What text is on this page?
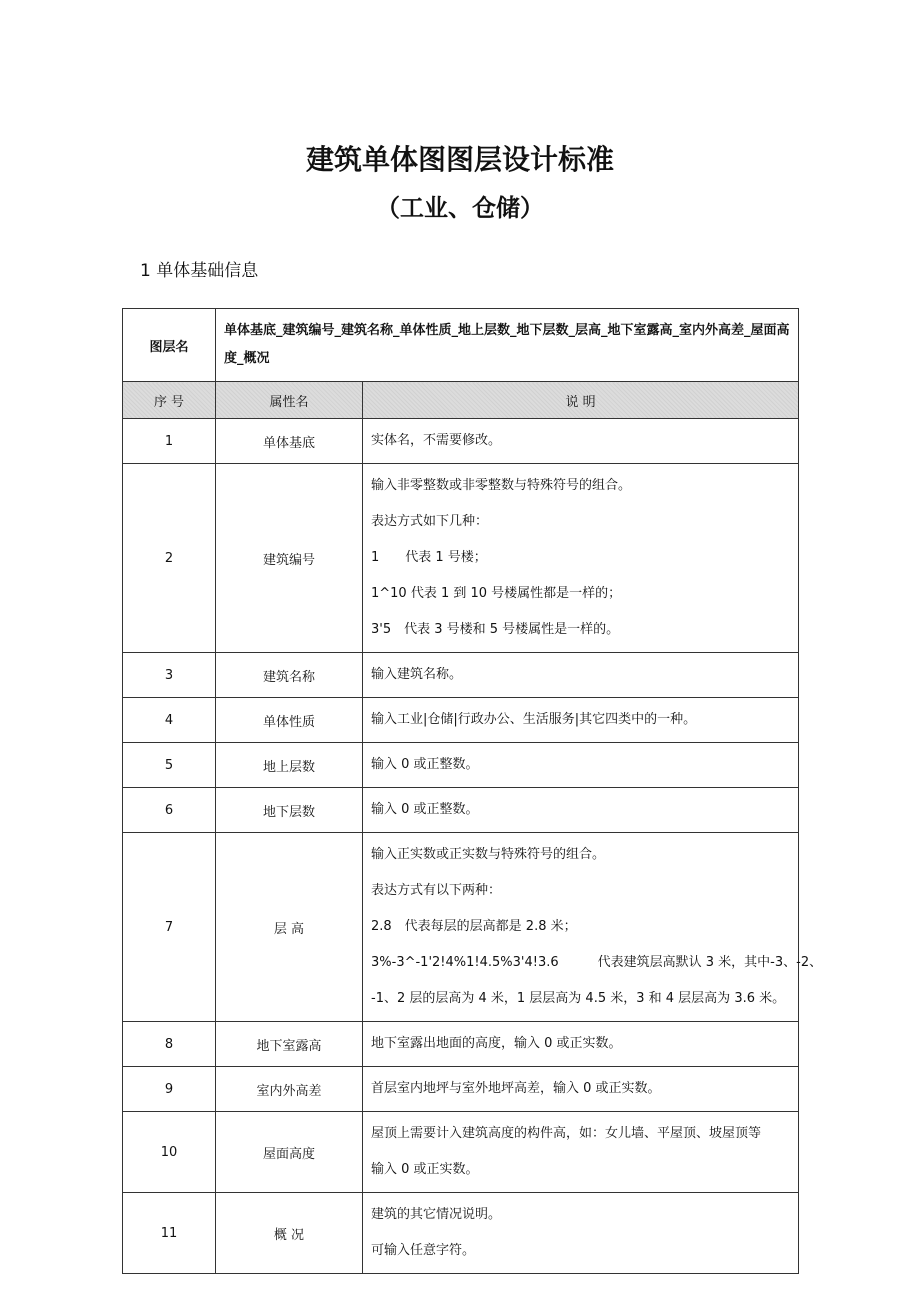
建筑单体图图层设计标准
（工业、仓储）

1 单体基础信息

图层名	单体基底_建筑编号_建筑名称_单体性质_地上层数_地下层数_层高_地下室露高_室内外高差_屋面高度_概况	
序 号	属性名	说 明
1	单体基底	实体名，不需要修改。

2	建筑编号	输入非零整数或非零整数与特殊符号的组合。
表达方式如下几种：
1　　代表 1 号楼；
1^10 代表 1 到 10 号楼属性都是一样的；
3'5　代表 3 号楼和 5 号楼属性是一样的。

3	建筑名称	输入建筑名称。

4	单体性质	输入工业|仓储|行政办公、生活服务|其它四类中的一种。

5	地上层数	输入 0 或正整数。

6	地下层数	输入 0 或正整数。

7	层 高	输入正实数或正实数与特殊符号的组合。
表达方式有以下两种：
2.8　代表每层的层高都是 2.8 米；
3%-3^-1'2!4%1!4.5%3'4!3.6　　　代表建筑层高默认 3 米，其中-3、-2、
-1、2 层的层高为 4 米，1 层层高为 4.5 米，3 和 4 层层高为 3.6 米。

8	地下室露高	地下室露出地面的高度，输入 0 或正实数。

9	室内外高差	首层室内地坪与室外地坪高差，输入 0 或正实数。

10	屋面高度	屋顶上需要计入建筑高度的构件高，如：女儿墙、平屋顶、坡屋顶等
输入 0 或正实数。

11	概 况	建筑的其它情况说明。
可输入任意字符。
